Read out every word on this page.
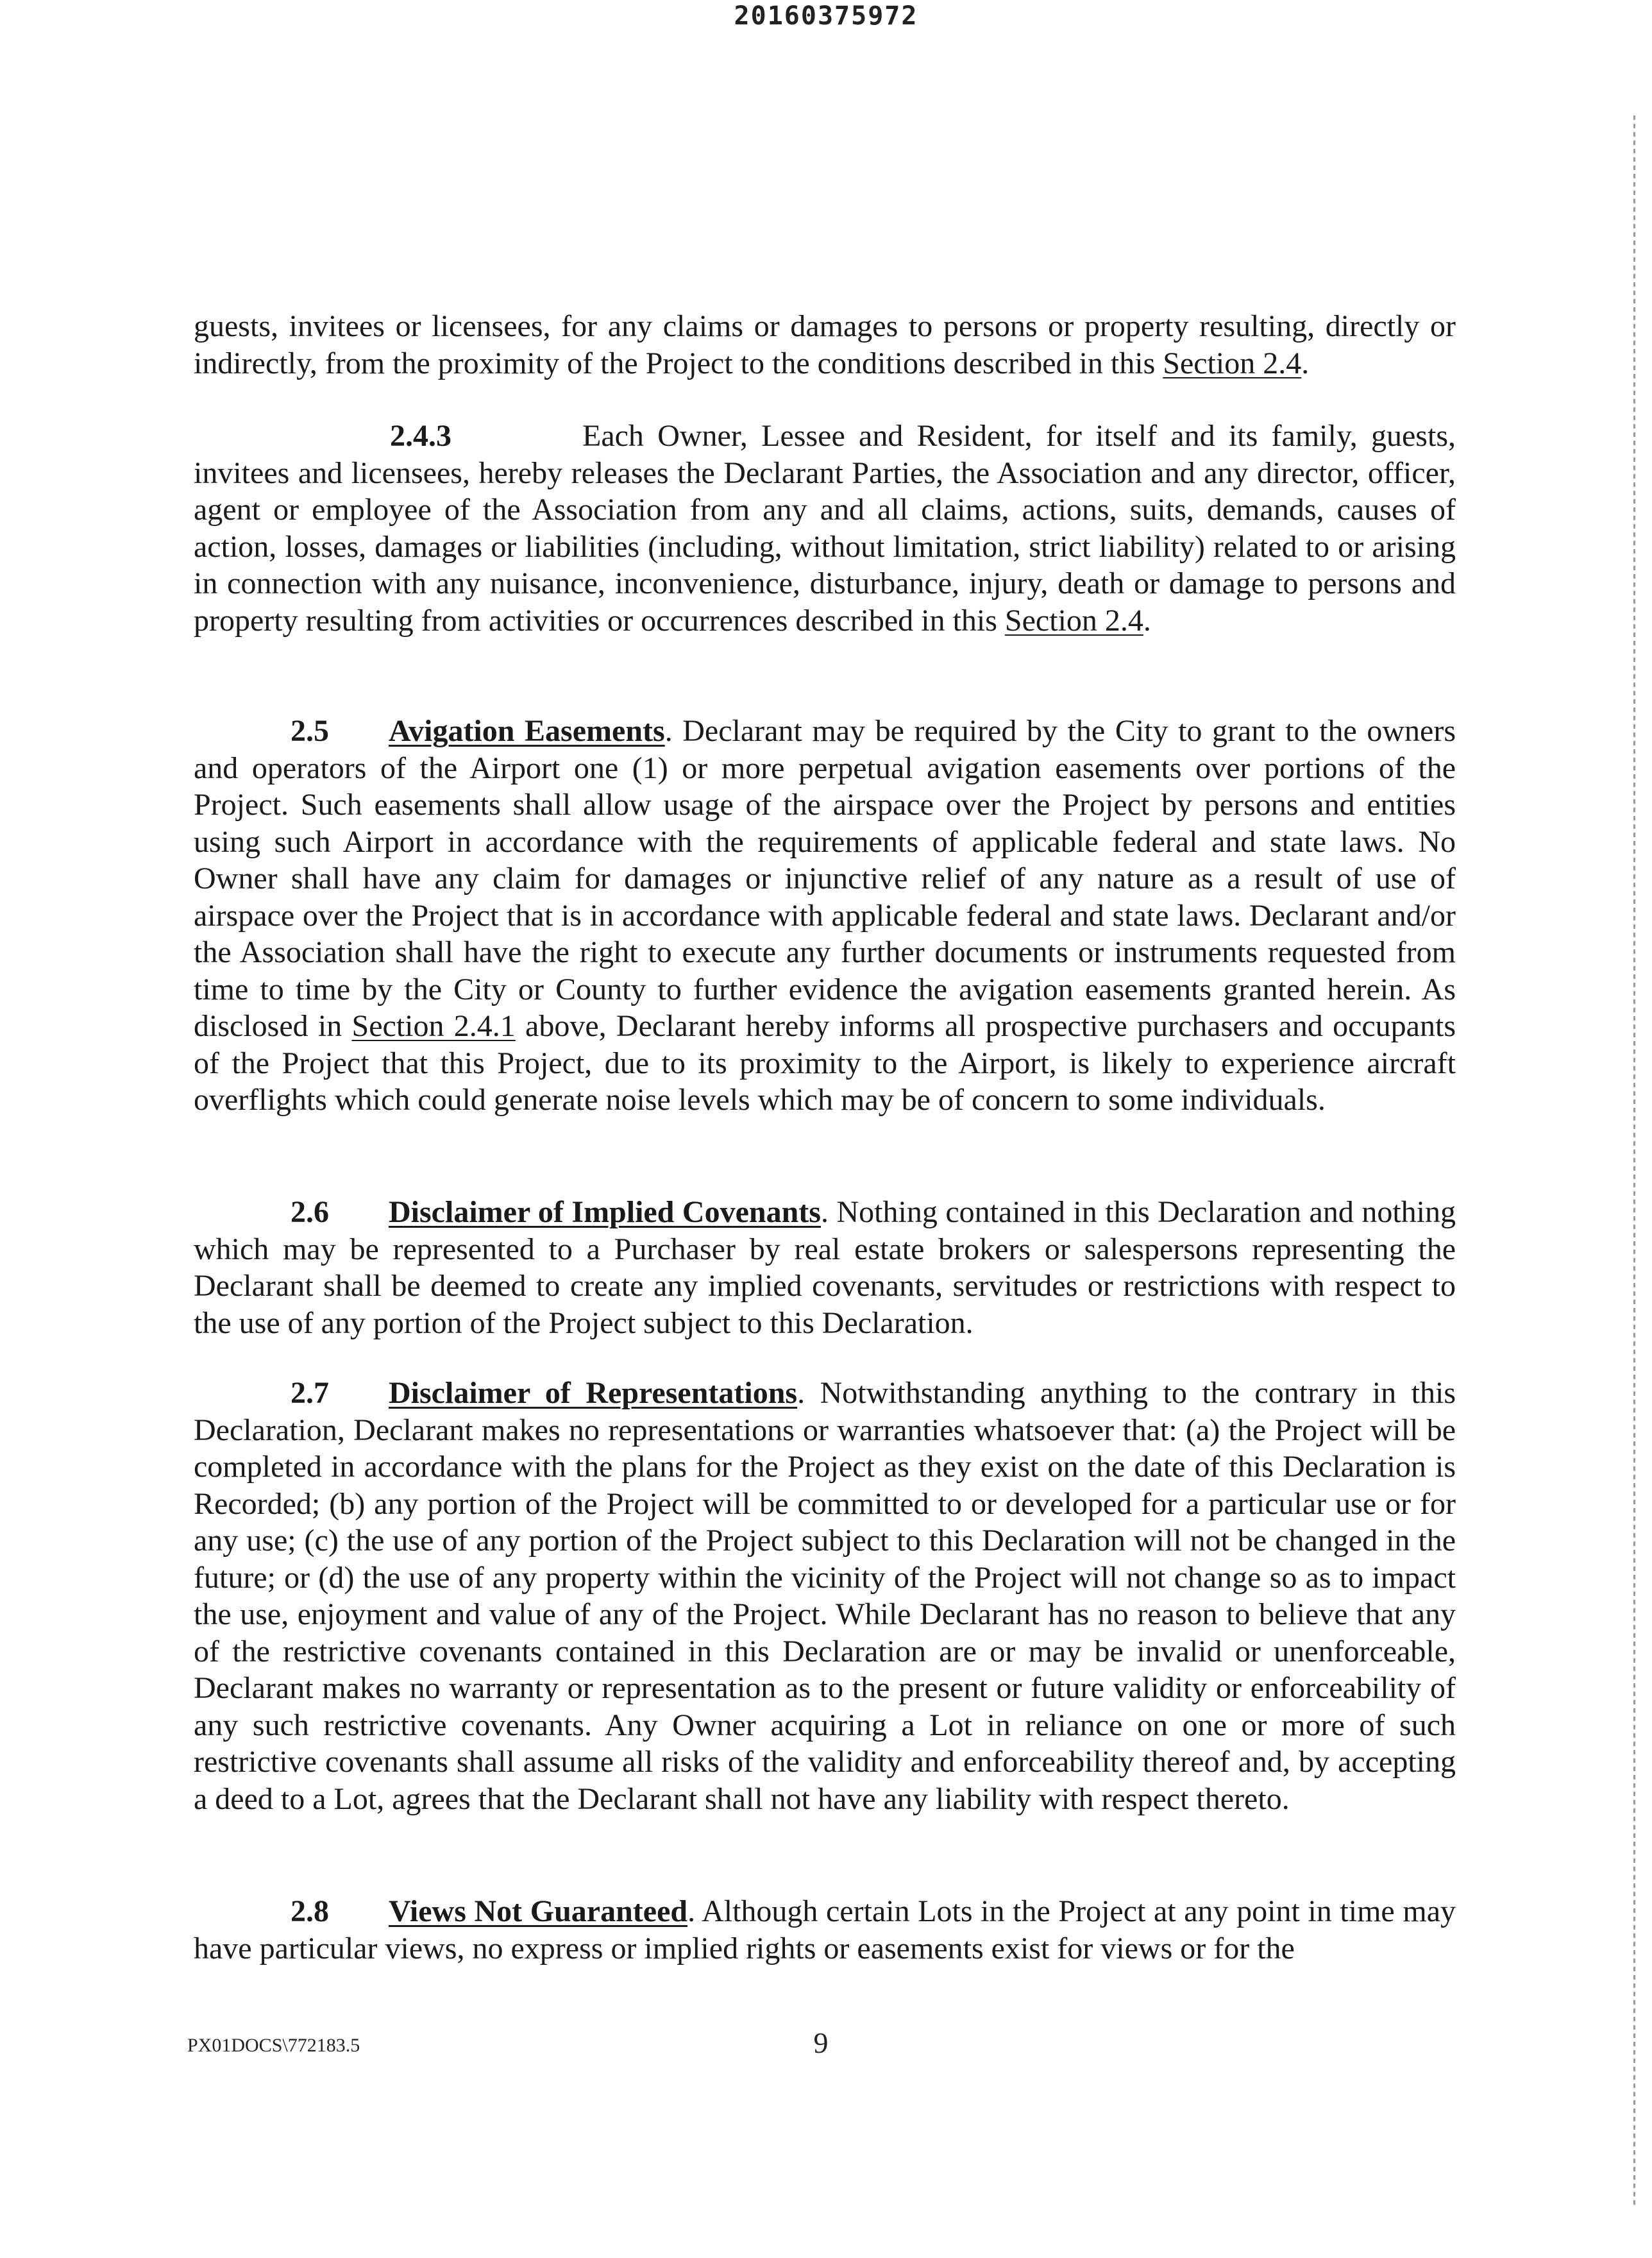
20160375972
guests, invitees or licensees, for any claims or damages to persons or property resulting, directly or indirectly, from the proximity of the Project to the conditions described in this Section 2.4.
2.4.3	Each Owner, Lessee and Resident, for itself and its family, guests, invitees and licensees, hereby releases the Declarant Parties, the Association and any director, officer, agent or employee of the Association from any and all claims, actions, suits, demands, causes of action, losses, damages or liabilities (including, without limitation, strict liability) related to or arising in connection with any nuisance, inconvenience, disturbance, injury, death or damage to persons and property resulting from activities or occurrences described in this Section 2.4.
2.5 Avigation Easements. Declarant may be required by the City to grant to the owners and operators of the Airport one (1) or more perpetual avigation easements over portions of the Project. Such easements shall allow usage of the airspace over the Project by persons and entities using such Airport in accordance with the requirements of applicable federal and state laws. No Owner shall have any claim for damages or injunctive relief of any nature as a result of use of airspace over the Project that is in accordance with applicable federal and state laws. Declarant and/or the Association shall have the right to execute any further documents or instruments requested from time to time by the City or County to further evidence the avigation easements granted herein. As disclosed in Section 2.4.1 above, Declarant hereby informs all prospective purchasers and occupants of the Project that this Project, due to its proximity to the Airport, is likely to experience aircraft overflights which could generate noise levels which may be of concern to some individuals.
2.6 Disclaimer of Implied Covenants. Nothing contained in this Declaration and nothing which may be represented to a Purchaser by real estate brokers or salespersons representing the Declarant shall be deemed to create any implied covenants, servitudes or restrictions with respect to the use of any portion of the Project subject to this Declaration.
2.7 Disclaimer of Representations. Notwithstanding anything to the contrary in this Declaration, Declarant makes no representations or warranties whatsoever that: (a) the Project will be completed in accordance with the plans for the Project as they exist on the date of this Declaration is Recorded; (b) any portion of the Project will be committed to or developed for a particular use or for any use; (c) the use of any portion of the Project subject to this Declaration will not be changed in the future; or (d) the use of any property within the vicinity of the Project will not change so as to impact the use, enjoyment and value of any of the Project. While Declarant has no reason to believe that any of the restrictive covenants contained in this Declaration are or may be invalid or unenforceable, Declarant makes no warranty or representation as to the present or future validity or enforceability of any such restrictive covenants. Any Owner acquiring a Lot in reliance on one or more of such restrictive covenants shall assume all risks of the validity and enforceability thereof and, by accepting a deed to a Lot, agrees that the Declarant shall not have any liability with respect thereto.
2.8 Views Not Guaranteed. Although certain Lots in the Project at any point in time may have particular views, no express or implied rights or easements exist for views or for the
PX01DOCS\772183.5	9
